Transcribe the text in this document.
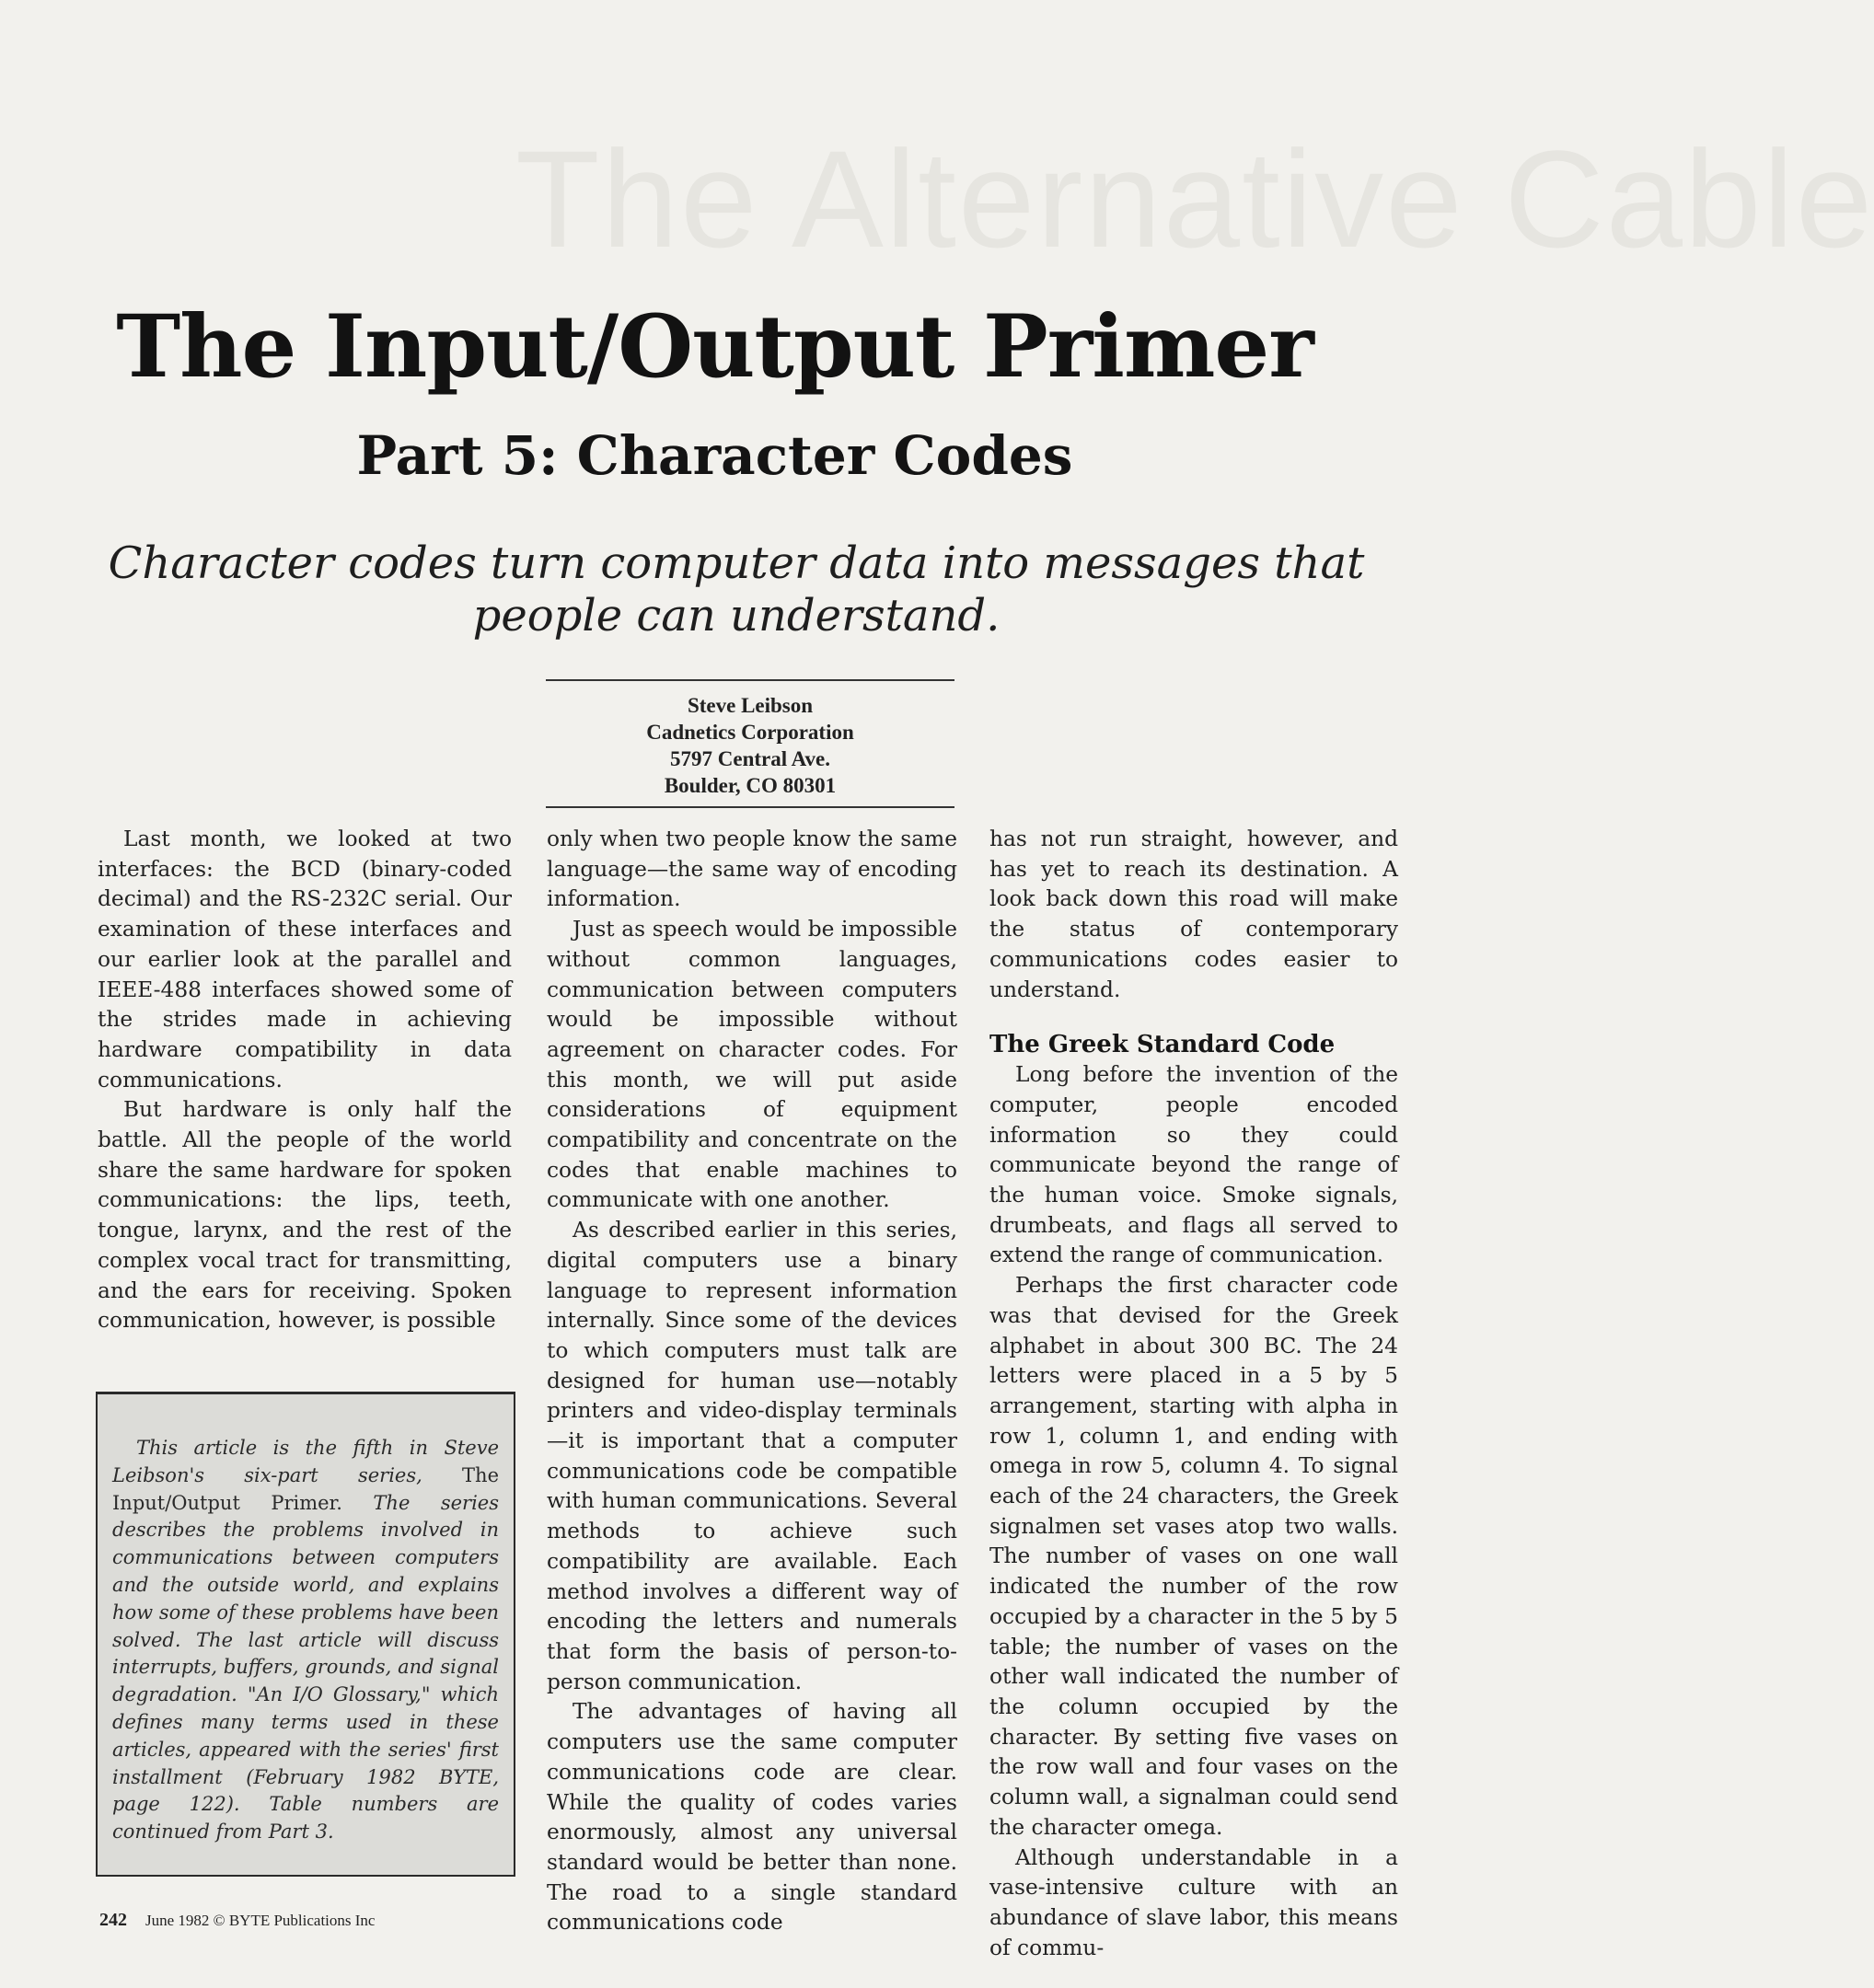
The Alternative Cable
The Input/Output Primer
Part 5: Character Codes
Character codes turn computer data into messages that people can understand.
Steve Leibson
Cadnetics Corporation
5797 Central Ave.
Boulder, CO 80301

Last month, we looked at two interfaces: the BCD (binary-coded decimal) and the RS-232C serial. Our examination of these interfaces and our earlier look at the parallel and IEEE-488 interfaces showed some of the strides made in achieving hardware compatibility in data communications.

But hardware is only half the battle. All the people of the world share the same hardware for spoken communications: the lips, teeth, tongue, larynx, and the rest of the complex vocal tract for transmitting, and the ears for receiving. Spoken communication, however, is possible

only when two people know the same language—the same way of encoding information.

Just as speech would be impossible without common languages, communication between computers would be impossible without agreement on character codes. For this month, we will put aside considerations of equipment compatibility and concentrate on the codes that enable machines to communicate with one another.

As described earlier in this series, digital computers use a binary language to represent information internally. Since some of the devices to which computers must talk are designed for human use—notably printers and video-display terminals—it is important that a computer communications code be compatible with human communications. Several methods to achieve such compatibility are available. Each method involves a different way of encoding the letters and numerals that form the basis of person-to-person communication.

The advantages of having all computers use the same computer communications code are clear. While the quality of codes varies enormously, almost any universal standard would be better than none. The road to a single standard communications code

has not run straight, however, and has yet to reach its destination. A look back down this road will make the status of contemporary communications codes easier to understand.

The Greek Standard Code

Long before the invention of the computer, people encoded information so they could communicate beyond the range of the human voice. Smoke signals, drumbeats, and flags all served to extend the range of communication.

Perhaps the first character code was that devised for the Greek alphabet in about 300 BC. The 24 letters were placed in a 5 by 5 arrangement, starting with alpha in row 1, column 1, and ending with omega in row 5, column 4. To signal each of the 24 characters, the Greek signalmen set vases atop two walls. The number of vases on one wall indicated the number of the row occupied by a character in the 5 by 5 table; the number of vases on the other wall indicated the number of the column occupied by the character. By setting five vases on the row wall and four vases on the column wall, a signalman could send the character omega.

Although understandable in a vase-intensive culture with an abundance of slave labor, this means of commu-

This article is the fifth in Steve Leibson's six-part series, The Input/Output Primer. The series describes the problems involved in communications between computers and the outside world, and explains how some of these problems have been solved. The last article will discuss interrupts, buffers, grounds, and signal degradation. "An I/O Glossary," which defines many terms used in these articles, appeared with the series' first installment (February 1982 BYTE, page 122). Table numbers are continued from Part 3.
242 June 1982 © BYTE Publications Inc
